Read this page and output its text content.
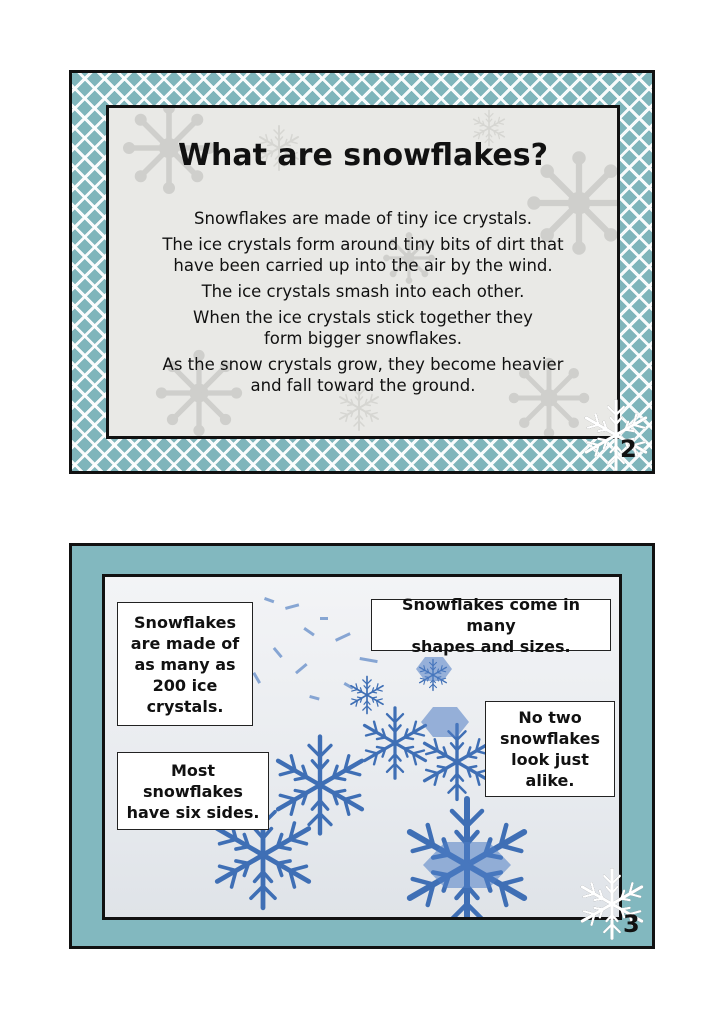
What are snowflakes?

Snowflakes are made of tiny ice crystals.

The ice crystals form around tiny bits of dirt that
have been carried up into the air by the wind.

The ice crystals smash into each other.

When the ice crystals stick together they
form bigger snowflakes.

As the snow crystals grow, they become heavier
and fall toward the ground.

2
Snowflakes
are made of
as many as
200 ice
crystals.
Snowflakes come in many
shapes and sizes.
Most
snowflakes
have six sides.
No two
snowflakes
look just
alike.
3
